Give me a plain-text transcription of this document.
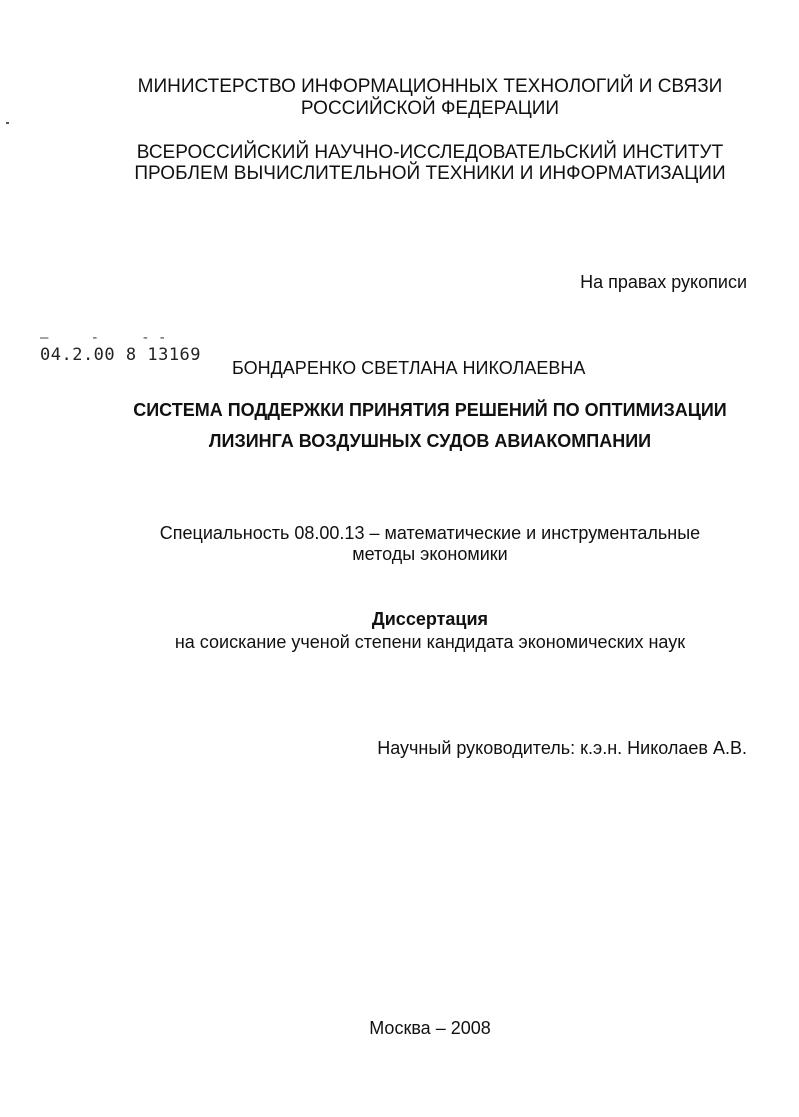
МИНИСТЕРСТВО ИНФОРМАЦИОННЫХ ТЕХНОЛОГИЙ И СВЯЗИ
РОССИЙСКОЙ ФЕДЕРАЦИИ
ВСЕРОССИЙСКИЙ НАУЧНО-ИССЛЕДОВАТЕЛЬСКИЙ ИНСТИТУТ
ПРОБЛЕМ ВЫЧИСЛИТЕЛЬНОЙ ТЕХНИКИ И ИНФОРМАТИЗАЦИИ
На правах рукописи
–     -     - -
04.2.00 8 13169
БОНДАРЕНКО СВЕТЛАНА НИКОЛАЕВНА
СИСТЕМА ПОДДЕРЖКИ ПРИНЯТИЯ РЕШЕНИЙ ПО ОПТИМИЗАЦИИ
ЛИЗИНГА ВОЗДУШНЫХ СУДОВ АВИАКОМПАНИИ
Специальность 08.00.13 – математические и инструментальные
методы экономики
Диссертация
на соискание ученой степени кандидата экономических наук
Научный руководитель: к.э.н. Николаев А.В.
Москва – 2008
